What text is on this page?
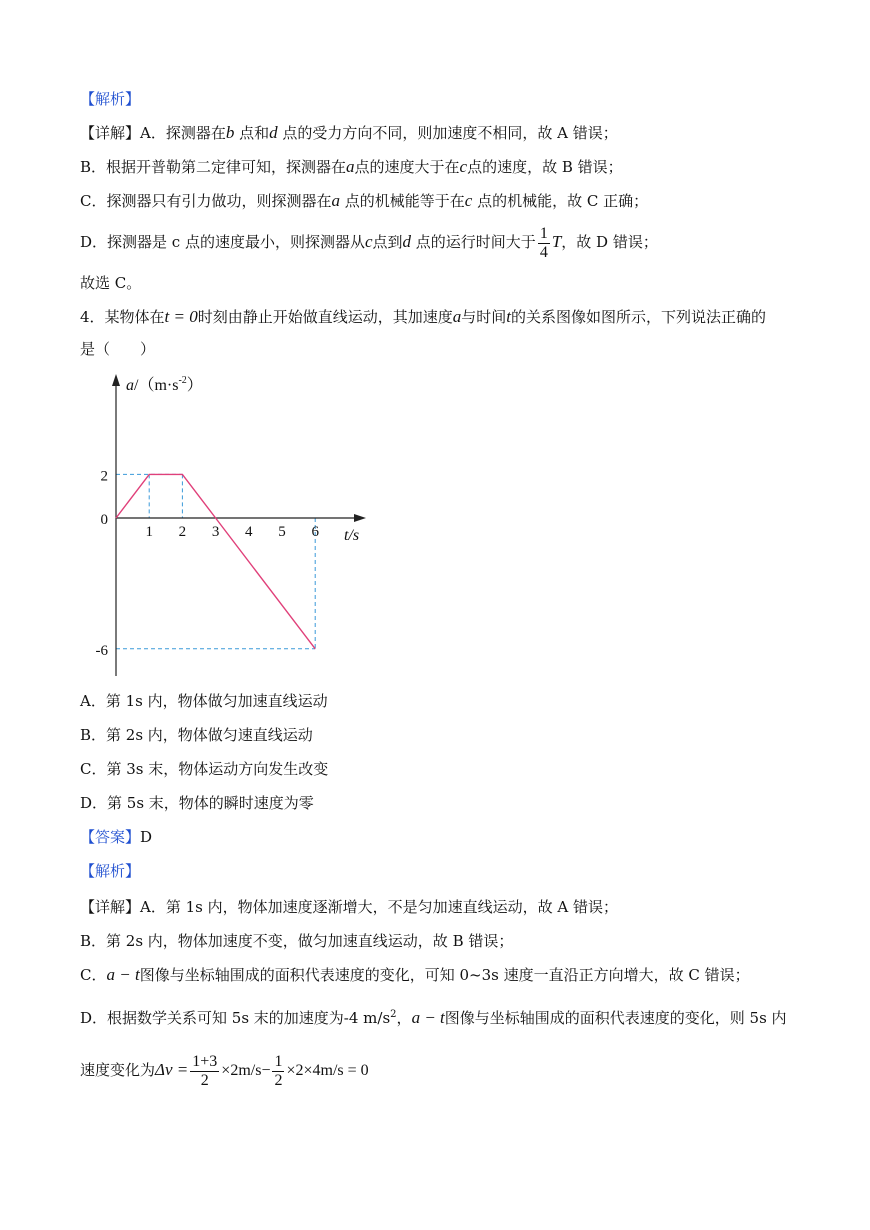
【解析】
【详解】A．探测器在b 点和d 点的受力方向不同，则加速度不相同，故 A 错误；
B．根据开普勒第二定律可知，探测器在a点的速度大于在c点的速度，故 B 错误；
C．探测器只有引力做功，则探测器在a 点的机械能等于在c 点的机械能，故 C 正确；
D．探测器是 c 点的速度最小，则探测器从c点到d 点的运行时间大于 $\frac{1}{4}$ T，故 D 错误；
故选 C。
4．某物体在t = 0时刻由静止开始做直线运动，其加速度a与时间t的关系图像如图所示，下列说法正确的
是（　　）
1 2 3 4 5 6
2
0
-6
t/s
$a/(m\cdot s^{-2})$
A．第 1s 内，物体做匀加速直线运动
B．第 2s 内，物体做匀速直线运动
C．第 3s 末，物体运动方向发生改变
D．第 5s 末，物体的瞬时速度为零
【答案】D
【解析】
【详解】A．第 1s 内，物体加速度逐渐增大，不是匀加速直线运动，故 A 错误；
B．第 2s 内，物体加速度不变，做匀加速直线运动，故 B 错误；
C．a − t图像与坐标轴围成的面积代表速度的变化，可知 0~3s 速度一直沿正方向增大，故 C 错误；
D．根据数学关系可知 5s 末的加速度为-4 $m/s^2$，a − t图像与坐标轴围成的面积代表速度的变化，则 5s 内
速度变化为$\Delta v = \frac{1+3}{2} \times 2m/s- \frac{1}{2} \times 2\times 4m/s = 0$
